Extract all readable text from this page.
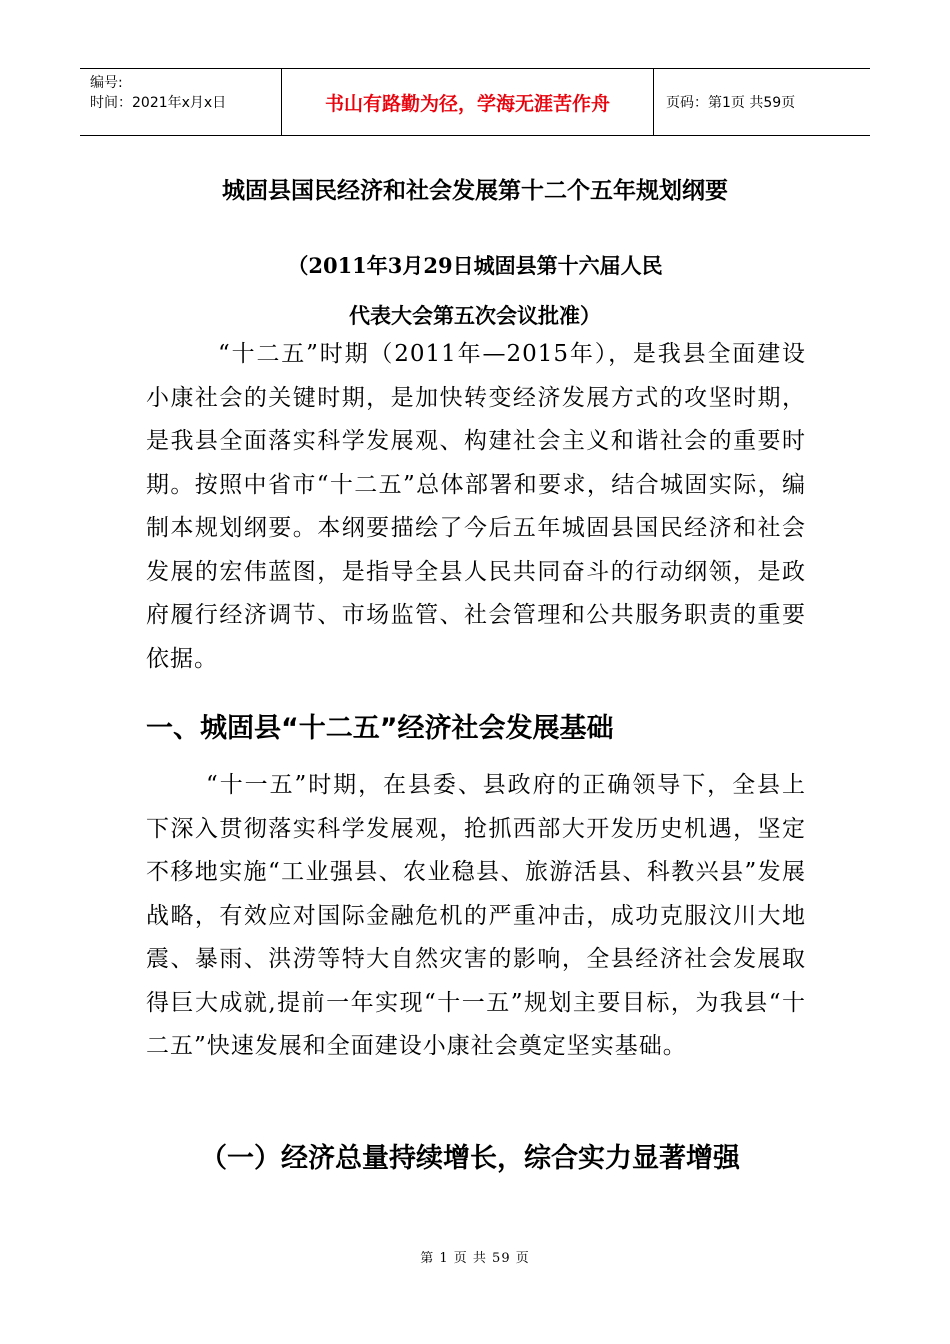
编号:
时间：2021年x月x日	书山有路勤为径，学海无涯苦作舟	页码：第1页 共59页
城固县国民经济和社会发展第十二个五年规划纲要
（2011年3月29日城固县第十六届人民
代表大会第五次会议批准）
“十二五”时期（2011年—2015年），是我县全面建设小康社会的关键时期，是加快转变经济发展方式的攻坚时期，是我县全面落实科学发展观、构建社会主义和谐社会的重要时期。按照中省市“十二五”总体部署和要求，结合城固实际，编制本规划纲要。本纲要描绘了今后五年城固县国民经济和社会发展的宏伟蓝图，是指导全县人民共同奋斗的行动纲领，是政府履行经济调节、市场监管、社会管理和公共服务职责的重要依据。
一、城固县“十二五”经济社会发展基础
“十一五”时期，在县委、县政府的正确领导下，全县上下深入贯彻落实科学发展观，抢抓西部大开发历史机遇，坚定不移地实施“工业强县、农业稳县、旅游活县、科教兴县”发展战略，有效应对国际金融危机的严重冲击，成功克服汶川大地震、暴雨、洪涝等特大自然灾害的影响，全县经济社会发展取得巨大成就,提前一年实现“十一五”规划主要目标，为我县“十二五”快速发展和全面建设小康社会奠定坚实基础。
（一）经济总量持续增长，综合实力显著增强
第 1 页 共 59 页
